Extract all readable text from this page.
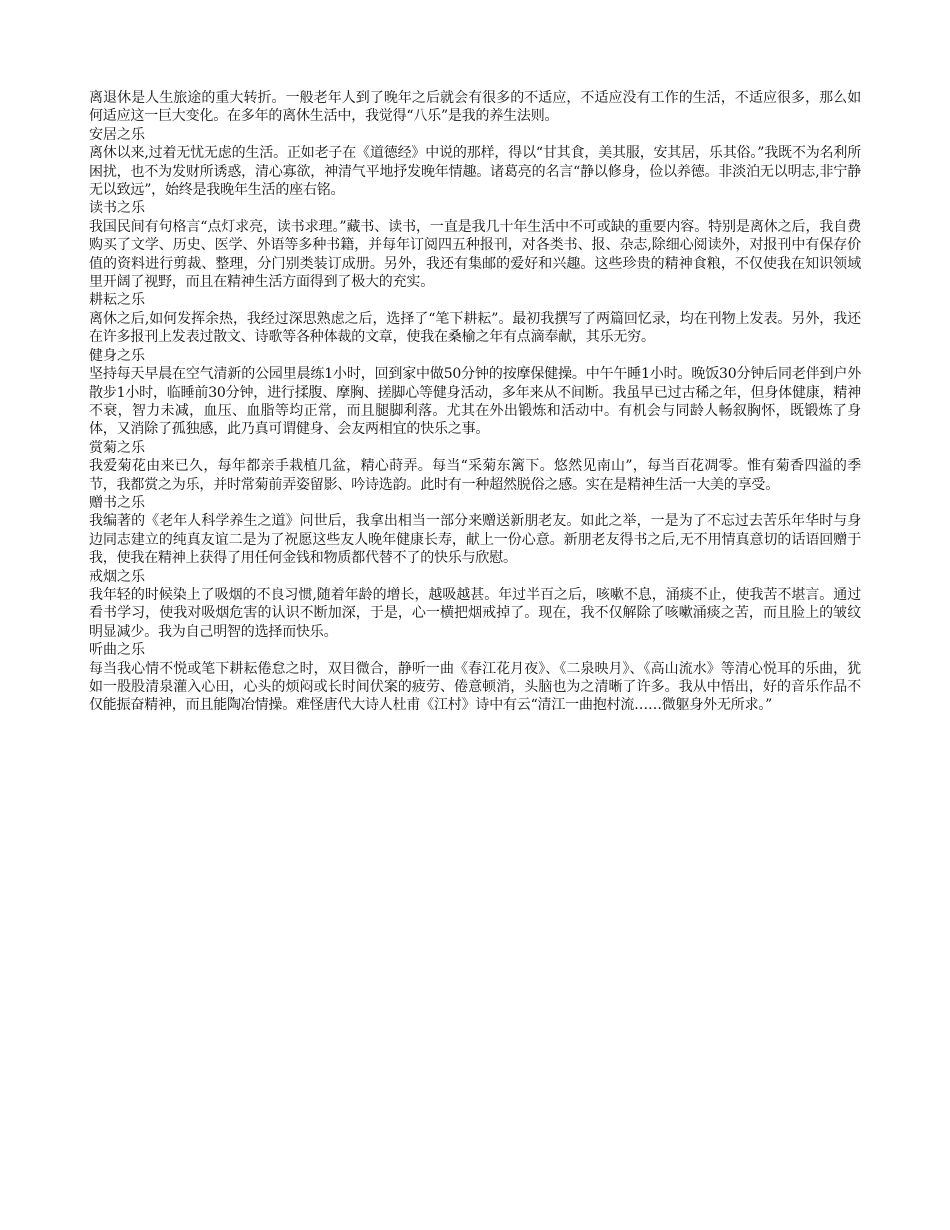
离退休是人生旅途的重大转折。一般老年人到了晚年之后就会有很多的不适应，不适应没有工作的生活，不适应很多，那么如何适应这一巨大变化。在多年的离休生活中，我觉得“八乐”是我的养生法则。

安居之乐

离休以来,过着无忧无虑的生活。正如老子在《道德经》中说的那样，得以“甘其食，美其服，安其居，乐其俗。”我既不为名利所困扰，也不为发财所诱惑，清心寡欲，神清气平地抒发晚年情趣。诸葛亮的名言“静以修身，俭以养德。非淡泊无以明志,非宁静无以致远”，始终是我晚年生活的座右铭。

读书之乐

我国民间有句格言“点灯求亮，读书求理。”藏书、读书，一直是我几十年生活中不可或缺的重要内容。特别是离休之后，我自费购买了文学、历史、医学、外语等多种书籍，并每年订阅四五种报刊，对各类书、报、杂志,除细心阅读外，对报刊中有保存价值的资料进行剪裁、整理，分门别类装订成册。另外，我还有集邮的爱好和兴趣。这些珍贵的精神食粮，不仅使我在知识领域里开阔了视野，而且在精神生活方面得到了极大的充实。

耕耘之乐

离休之后,如何发挥余热，我经过深思熟虑之后，选择了“笔下耕耘”。最初我撰写了两篇回忆录，均在刊物上发表。另外，我还在许多报刊上发表过散文、诗歌等各种体裁的文章，使我在桑榆之年有点滴奉献，其乐无穷。

健身之乐

坚持每天早晨在空气清新的公园里晨练1小时，回到家中做50分钟的按摩保健操。中午午睡1小时。晚饭30分钟后同老伴到户外散步1小时，临睡前30分钟，进行揉腹、摩胸、搓脚心等健身活动，多年来从不间断。我虽早已过古稀之年，但身体健康，精神不衰，智力未减，血压、血脂等均正常，而且腿脚利落。尤其在外出锻炼和活动中。有机会与同龄人畅叙胸怀，既锻炼了身体，又消除了孤独感，此乃真可谓健身、会友两相宜的快乐之事。

赏菊之乐

我爱菊花由来已久，每年都亲手栽植几盆，精心莳弄。每当“采菊东篱下。悠然见南山”，每当百花凋零。惟有菊香四溢的季节，我都赏之为乐，并时常菊前弄姿留影、吟诗选韵。此时有一种超然脱俗之感。实在是精神生活一大美的享受。

赠书之乐

我编著的《老年人科学养生之道》问世后，我拿出相当一部分来赠送新朋老友。如此之举，一是为了不忘过去苦乐年华时与身边同志建立的纯真友谊二是为了祝愿这些友人晚年健康长寿，献上一份心意。新朋老友得书之后,无不用情真意切的话语回赠于我，使我在精神上获得了用任何金钱和物质都代替不了的快乐与欣慰。

戒烟之乐

我年轻的时候染上了吸烟的不良习惯,随着年龄的增长，越吸越甚。年过半百之后，咳嗽不息，涌痰不止，使我苦不堪言。通过看书学习，使我对吸烟危害的认识不断加深，于是，心一横把烟戒掉了。现在，我不仅解除了咳嗽涌痰之苦，而且脸上的皱纹明显减少。我为自己明智的选择而快乐。

听曲之乐

每当我心情不悦或笔下耕耘倦怠之时，双目微合，静听一曲《春江花月夜》、《二泉映月》、《高山流水》等清心悦耳的乐曲，犹如一股股清泉灌入心田，心头的烦闷或长时间伏案的疲劳、倦意顿消，头脑也为之清晰了许多。我从中悟出，好的音乐作品不仅能振奋精神，而且能陶冶情操。难怪唐代大诗人杜甫《江村》诗中有云“清江一曲抱村流……微躯身外无所求。”
